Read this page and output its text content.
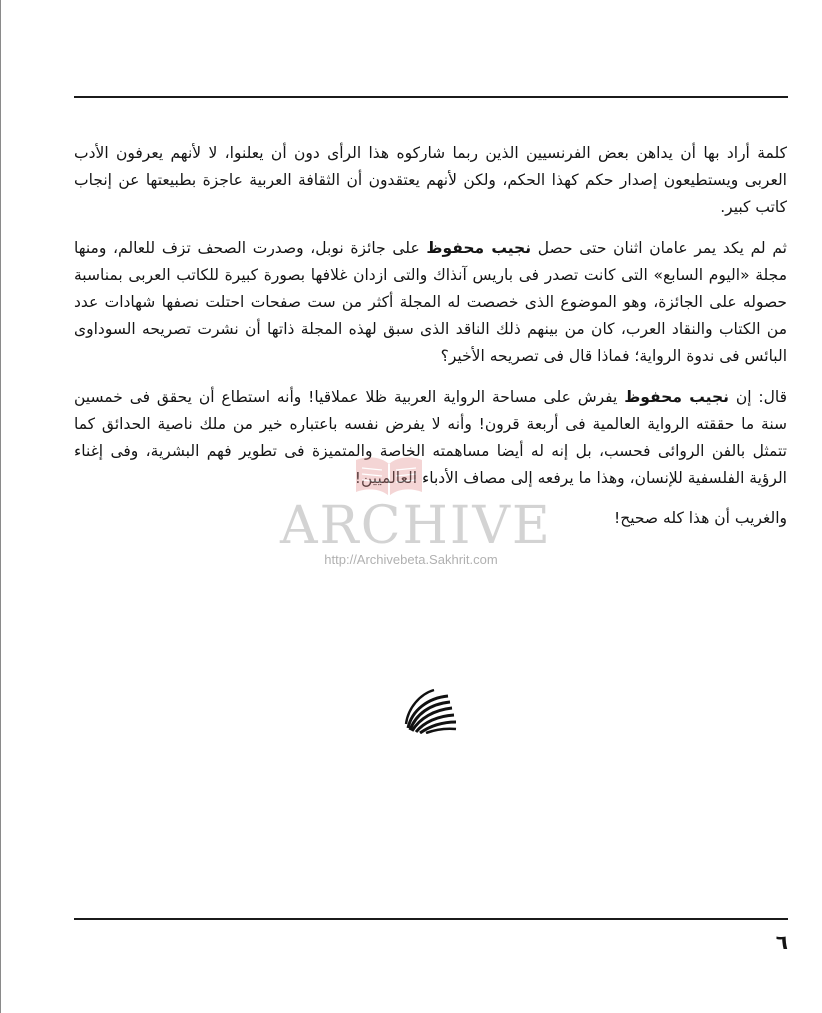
كلمة أراد بها أن يداهن بعض الفرنسيين الذين ربما شاركوه هذا الرأى دون أن يعلنوا، لا لأنهم يعرفون الأدب العربى ويستطيعون إصدار حكم كهذا الحكم، ولكن لأنهم يعتقدون أن الثقافة العربية عاجزة بطبيعتها عن إنجاب كاتب كبير.

ثم لم يكد يمر عامان اثنان حتى حصل نجيب محفوظ على جائزة نوبل، وصدرت الصحف تزف للعالم، ومنها مجلة «اليوم السابع» التى كانت تصدر فى باريس آنذاك والتى ازدان غلافها بصورة كبيرة للكاتب العربى بمناسبة حصوله على الجائزة، وهو الموضوع الذى خصصت له المجلة أكثر من ست صفحات احتلت نصفها شهادات عدد من الكتاب والنقاد العرب، كان من بينهم ذلك الناقد الذى سبق لهذه المجلة ذاتها أن نشرت تصريحه السوداوى البائس فى ندوة الرواية؛ فماذا قال فى تصريحه الأخير؟

قال: إن نجيب محفوظ يفرش على مساحة الرواية العربية ظلا عملاقيا! وأنه استطاع أن يحقق فى خمسين سنة ما حققته الرواية العالمية فى أربعة قرون! وأنه لا يفرض نفسه باعتباره خير من ملك ناصية الحدائق كما تتمثل بالفن الروائى فحسب، بل إنه له أيضا مساهمته الخاصة والمتميزة فى تطوير فهم البشرية، وفى إغناء الرؤية الفلسفية للإنسان، وهذا ما يرفعه إلى مصاف الأدباء العالميين!

والغريب أن هذا كله صحيح!

ARCHIVE
http://Archivebeta.Sakhrit.com
٦
